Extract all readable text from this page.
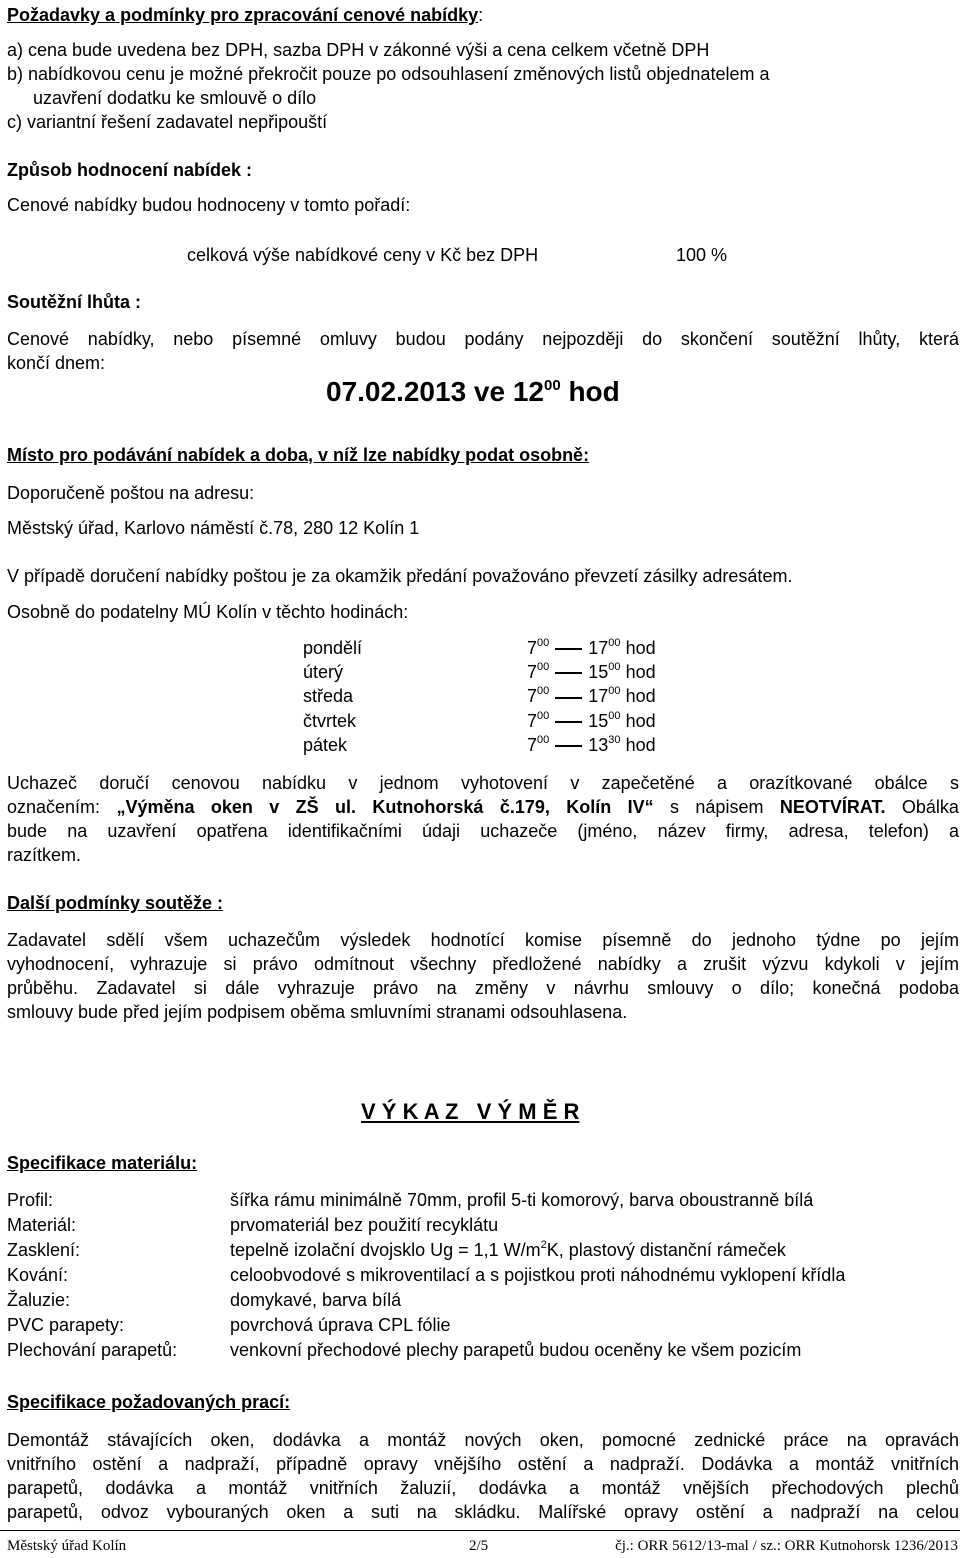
Požadavky a podmínky pro zpracování cenové nabídky:
a) cena bude uvedena bez DPH, sazba DPH v zákonné výši a cena celkem včetně DPH
b) nabídkovou cenu je možné překročit pouze po odsouhlasení změnových listů objednatelem a
uzavření dodatku ke smlouvě o dílo
c) variantní řešení zadavatel nepřipouští
Způsob hodnocení nabídek :
Cenové nabídky budou hodnoceny v tomto pořadí:
celková výše nabídkové ceny v Kč bez DPH	100 %
Soutěžní lhůta :
Cenové nabídky, nebo písemné omluvy budou podány nejpozději do skončení soutěžní lhůty, která
končí dnem:
07.02.2013 ve $12^{00}$ hod
Místo pro podávání nabídek a doba, v níž lze nabídky podat osobně:
Doporučeně poštou na adresu:
Městský úřad, Karlovo náměstí č.78, 280 12 Kolín 1
V případě doručení nabídky poštou je za okamžik předání považováno převzetí zásilky adresátem.
Osobně do podatelny MÚ Kolín v těchto hodinách:
pondělí	$7^{00}$ $17^{00}$ hod
úterý	$7^{00}$ $15^{00}$ hod
středa	$7^{00}$ $17^{00}$ hod
čtvrtek	$7^{00}$ $15^{00}$ hod
pátek	$7^{00}$ $13^{30}$ hod
Uchazeč doručí cenovou nabídku v jednom vyhotovení v zapečetěné a orazítkované obálce s
označením: „Výměna oken v ZŠ ul. Kutnohorská č.179, Kolín IV“ s nápisem NEOTVÍRAT. Obálka
bude na uzavření opatřena identifikačními údaji uchazeče (jméno, název firmy, adresa, telefon) a
razítkem.
Další podmínky soutěže :
Zadavatel sdělí všem uchazečům výsledek hodnotící komise písemně do jednoho týdne po jejím
vyhodnocení, vyhrazuje si právo odmítnout všechny předložené nabídky a zrušit výzvu kdykoli v jejím
průběhu. Zadavatel si dále vyhrazuje právo na změny v návrhu smlouvy o dílo; konečná podoba
smlouvy bude před jejím podpisem oběma smluvními stranami odsouhlasena.
V Ý K A Z   V Ý M Ě R
Specifikace materiálu:
Profil:	šířka rámu minimálně 70mm, profil 5-ti komorový, barva oboustranně bílá
Materiál:	prvomateriál bez použití recyklátu
Zasklení:	tepelně izolační dvojsklo Ug = 1,1 $W/m^2K$, plastový distanční rámeček
Kování:	celoobvodové s mikroventilací a s pojistkou proti náhodnému vyklopení křídla
Žaluzie:	domykavé, barva bílá
PVC parapety:	povrchová úprava CPL fólie
Plechování parapetů:	venkovní přechodové plechy parapetů budou oceněny ke všem pozicím
Specifikace požadovaných prací:
Demontáž stávajících oken, dodávka a montáž nových oken, pomocné zednické práce na opravách
vnitřního ostění a nadpraží, případně opravy vnějšího ostění a nadpraží. Dodávka a montáž vnitřních
parapetů, dodávka a montáž vnitřních žaluzií, dodávka a montáž vnějších přechodových plechů
parapetů, odvoz vybouraných oken a suti na skládku. Malířské opravy ostění a nadpraží na celou
Městský úřad Kolín	2/5	čj.: ORR 5612/13-mal / sz.: ORR Kutnohorsk 1236/2013
